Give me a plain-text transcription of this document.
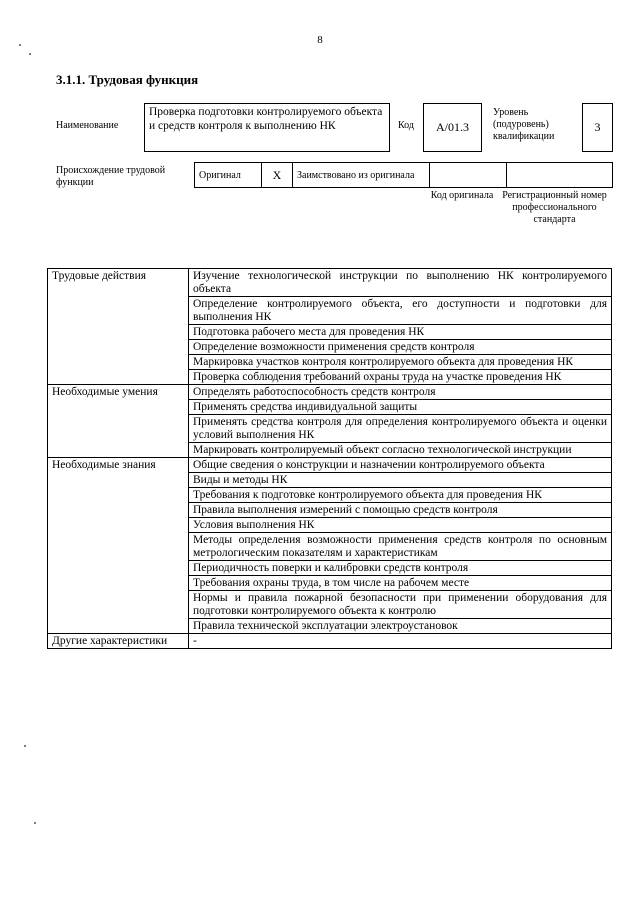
8
3.1.1. Трудовая функция
Наименование
Проверка подготовки контролируемого объекта и средств контроля к выполнению НК	Код	А/01.3
Уровень (подуровень) квалификации
3
Происхождение трудовой функции
Оригинал	Х	Заимствовано из оригинала		
Код оригинала Регистрационный номер профессионального стандарта
Трудовые действия	Изучение технологической инструкции по выполнению НК контролируемого объекта
	Определение контролируемого объекта, его доступности и подготовки для выполнения НК
	Подготовка рабочего места для проведения НК
	Определение возможности применения средств контроля
	Маркировка участков контроля контролируемого объекта для проведения НК
	Проверка соблюдения требований охраны труда на участке проведения НК
Необходимые умения	Определять работоспособность средств контроля
	Применять средства индивидуальной защиты
	Применять средства контроля для определения контролируемого объекта и оценки условий выполнения НК
	Маркировать контролируемый объект согласно технологической инструкции
Необходимые знания	Общие сведения о конструкции и назначении контролируемого объекта
	Виды и методы НК
	Требования к подготовке контролируемого объекта для проведения НК
	Правила выполнения измерений с помощью средств контроля
	Условия выполнения НК
	Методы определения возможности применения средств контроля по основным метрологическим показателям и характеристикам
	Периодичность поверки и калибровки средств контроля
	Требования охраны труда, в том числе на рабочем месте
	Нормы и правила пожарной безопасности при применении оборудования для подготовки контролируемого объекта к контролю
	Правила технической эксплуатации электроустановок
Другие характеристики	-
